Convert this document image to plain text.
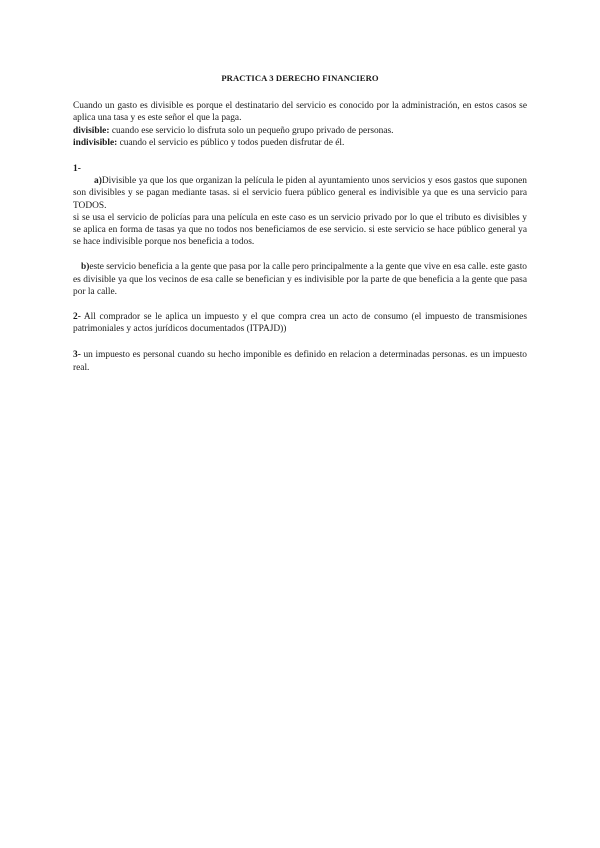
PRACTICA 3 DERECHO FINANCIERO

Cuando un gasto es divisible es porque el destinatario del servicio es conocido por la administración, en estos casos se aplica una tasa y es este señor el que la paga.

divisible: cuando ese servicio lo disfruta solo un pequeño grupo privado de personas.

indivisible: cuando el servicio es público y todos pueden disfrutar de él.

1-

a)Divisible ya que los que organizan la película le piden al ayuntamiento unos servicios y esos gastos que suponen son divisibles y se pagan mediante tasas. si el servicio fuera público general es indivisible ya que es una servicio para TODOS.

si se usa el servicio de policías para una película en este caso es un servicio privado por lo que el tributo es divisibles y se aplica en forma de tasas ya que no todos nos beneficiamos de ese servicio. si este servicio se hace público general ya se hace indivisible porque nos beneficia a todos.

b)este servicio beneficia a la gente que pasa por la calle pero principalmente a la gente que vive en esa calle. este gasto es divisible ya que los vecinos de esa calle se benefician y es indivisible por la parte de que beneficia a la gente que pasa por la calle.

2- All comprador se le aplica un impuesto y el que compra crea un acto de consumo (el impuesto de transmisiones patrimoniales y actos jurídicos documentados (ITPAJD))

3- un impuesto es personal cuando su hecho imponible es definido en relacion a determinadas personas. es un impuesto real.
